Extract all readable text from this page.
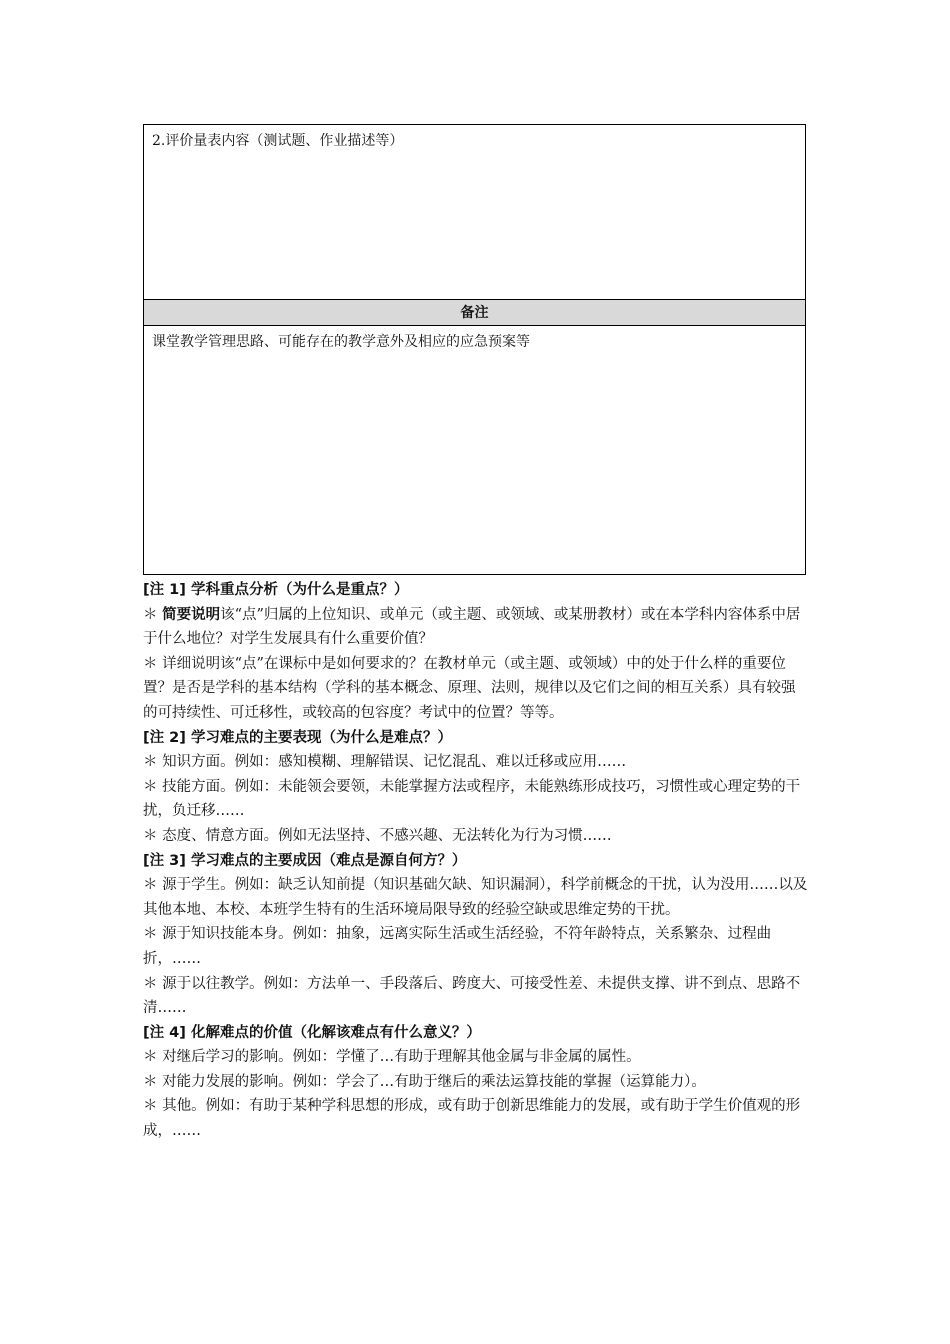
2.评价量表内容（测试题、作业描述等）
备注
课堂教学管理思路、可能存在的教学意外及相应的应急预案等

[注 1] 学科重点分析（为什么是重点？）

＊ 简要说明该“点”归属的上位知识、或单元（或主题、或领域、或某册教材）或在本学科内容体系中居于什么地位？对学生发展具有什么重要价值？

＊ 详细说明该“点”在课标中是如何要求的？在教材单元（或主题、或领域）中的处于什么样的重要位置？是否是学科的基本结构（学科的基本概念、原理、法则，规律以及它们之间的相互关系）具有较强的可持续性、可迁移性，或较高的包容度？考试中的位置？等等。

[注 2] 学习难点的主要表现（为什么是难点？）

＊ 知识方面。例如：感知模糊、理解错误、记忆混乱、难以迁移或应用……

＊ 技能方面。例如：未能领会要领，未能掌握方法或程序，未能熟练形成技巧，习惯性或心理定势的干扰，负迁移……

＊ 态度、情意方面。例如无法坚持、不感兴趣、无法转化为行为习惯……

[注 3] 学习难点的主要成因（难点是源自何方？）

＊ 源于学生。例如：缺乏认知前提（知识基础欠缺、知识漏洞），科学前概念的干扰，认为没用……以及其他本地、本校、本班学生特有的生活环境局限导致的经验空缺或思维定势的干扰。

＊ 源于知识技能本身。例如：抽象，远离实际生活或生活经验，不符年龄特点，关系繁杂、过程曲折，……

＊ 源于以往教学。例如：方法单一、手段落后、跨度大、可接受性差、未提供支撑、讲不到点、思路不清……

[注 4] 化解难点的价值（化解该难点有什么意义？）

＊ 对继后学习的影响。例如：学懂了…有助于理解其他金属与非金属的属性。

＊ 对能力发展的影响。例如：学会了…有助于继后的乘法运算技能的掌握（运算能力）。

＊ 其他。例如：有助于某种学科思想的形成，或有助于创新思维能力的发展，或有助于学生价值观的形成，……
